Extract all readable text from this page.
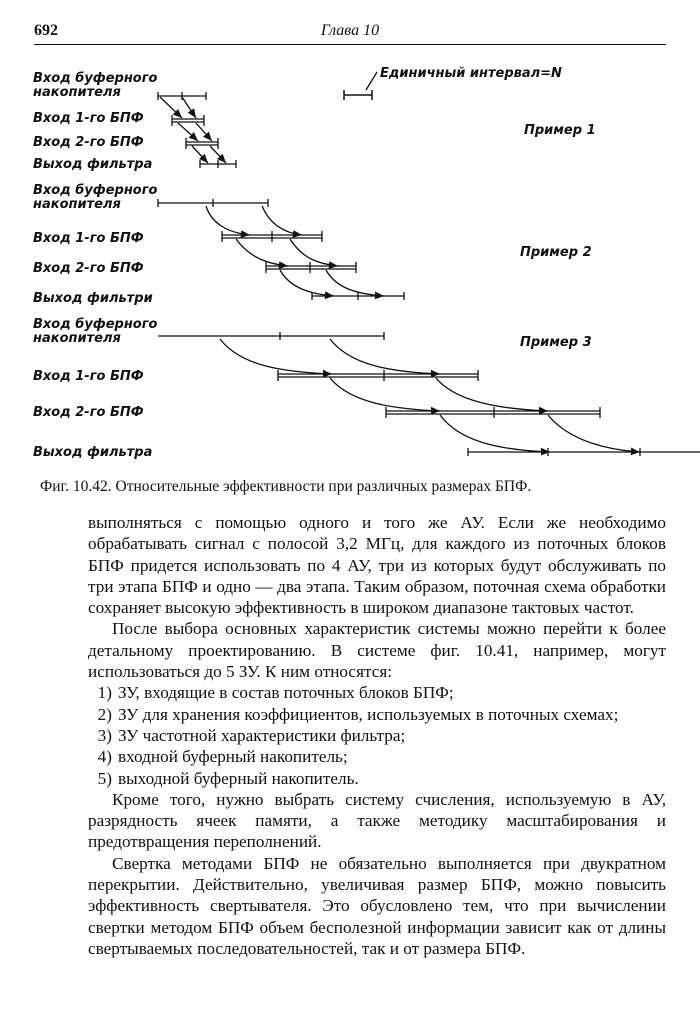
692	Глава 10
Единичный интервал=N
Вход буферного
накопителя
Вход 1-го БПФ
Вход 2-го БПФ
Выход фильтра
Пример 1
Вход буферного
накопителя
Вход 1-го БПФ
Вход 2-го БПФ
Выход фильтри
Пример 2
Вход буферного
накопителя
Вход 1-го БПФ
Вход 2-го БПФ
Выход фильтра
Пример 3
Фиг. 10.42. Относительные эффективности при различных размерах БПФ.

выполняться с помощью одного и того же АУ. Если же необходимо обрабатывать сигнал с полосой 3,2 МГц, для каждого из поточных блоков БПФ придется использовать по 4 АУ, три из которых будут обслуживать по три этапа БПФ и одно — два этапа. Таким образом, поточная схема обработки сохраняет высокую эффективность в широком диапазоне тактовых частот.

После выбора основных характеристик системы можно перейти к более детальному проектированию. В системе фиг. 10.41, например, могут использоваться до 5 ЗУ. К ним относятся:

1) ЗУ, входящие в состав поточных блоков БПФ;
2) ЗУ для хранения коэффициентов, используемых в поточных схемах;
3) ЗУ частотной характеристики фильтра;
4) входной буферный накопитель;
5) выходной буферный накопитель.

Кроме того, нужно выбрать систему счисления, используемую в АУ, разрядность ячеек памяти, а также методику масштабирования и предотвращения переполнений.

Свертка методами БПФ не обязательно выполняется при двукратном перекрытии. Действительно, увеличивая размер БПФ, можно повысить эффективность свертывателя. Это обусловлено тем, что при вычислении свертки методом БПФ объем бесполезной информации зависит как от длины свертываемых последовательностей, так и от размера БПФ.
